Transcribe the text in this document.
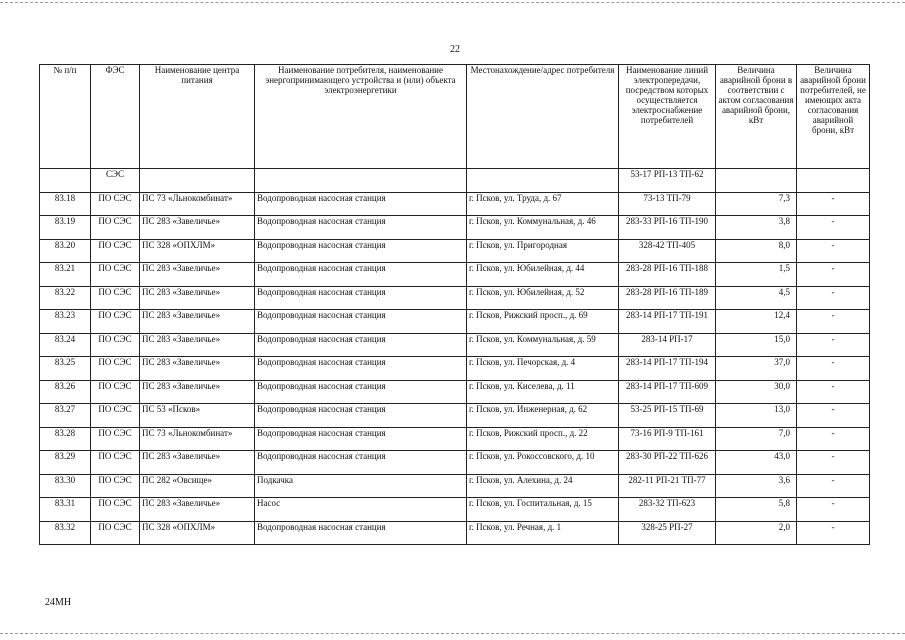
22
№ п/п	ФЭС	Наименование центра питания	Наименование потребителя, наименование энергопринимающего устройства и (или) объекта электроэнергетики	Местонахождение/адрес потребителя	Наименование линий электропередачи, посредством которых осуществляется электроснабжение потребителей	Величина аварийной брони в соответствии с актом согласования аварийной брони, кВт	Величина аварийной брони потребителей, не имеющих акта согласования аварийной брони, кВт
	СЭС				53-17 РП-13 ТП-62		
83.18	ПО СЭС	ПС 73 «Льнокомбинат»	Водопроводная насосная станция	г. Псков, ул. Труда, д. 67	73-13 ТП-79	7,3	-
83.19	ПО СЭС	ПС 283 «Завеличье»	Водопроводная насосная станция	г. Псков, ул. Коммунальная, д. 46	283-33 РП-16 ТП-190	3,8	-
83.20	ПО СЭС	ПС 328 «ОПХЛМ»	Водопроводная насосная станция	г. Псков, ул. Пригородная	328-42 ТП-405	8,0	-
83.21	ПО СЭС	ПС 283 «Завеличье»	Водопроводная насосная станция	г. Псков, ул. Юбилейная, д. 44	283-28 РП-16 ТП-188	1,5	-
83.22	ПО СЭС	ПС 283 «Завеличье»	Водопроводная насосная станция	г. Псков, ул. Юбилейная, д. 52	283-28 РП-16 ТП-189	4,5	-
83.23	ПО СЭС	ПС 283 «Завеличье»	Водопроводная насосная станция	г. Псков, Рижский просп., д. 69	283-14 РП-17 ТП-191	12,4	-
83.24	ПО СЭС	ПС 283 «Завеличье»	Водопроводная насосная станция	г. Псков, ул. Коммунальная, д. 59	283-14 РП-17	15,0	-
83.25	ПО СЭС	ПС 283 «Завеличье»	Водопроводная насосная станция	г. Псков, ул. Печорская, д. 4	283-14 РП-17 ТП-194	37,0	-
83.26	ПО СЭС	ПС 283 «Завеличье»	Водопроводная насосная станция	г. Псков, ул. Киселева, д. 11	283-14 РП-17 ТП-609	30,0	-
83.27	ПО СЭС	ПС 53 «Псков»	Водопроводная насосная станция	г. Псков, ул. Инженерная, д. 62	53-25 РП-15 ТП-69	13,0	-
83.28	ПО СЭС	ПС 73 «Льнокомбинат»	Водопроводная насосная станция	г. Псков, Рижский просп., д. 22	73-16 РП-9 ТП-161	7,0	-
83.29	ПО СЭС	ПС 283 «Завеличье»	Водопроводная насосная станция	г. Псков, ул. Рокоссовского, д. 10	283-30 РП-22 ТП-626	43,0	-
83.30	ПО СЭС	ПС 282 «Овсище»	Подкачка	г. Псков, ул. Алехина, д. 24	282-11 РП-21 ТП-77	3,6	-
83.31	ПО СЭС	ПС 283 «Завеличье»	Насос	г. Псков, ул. Госпитальная, д. 15	283-32 ТП-623	5,8	-
83.32	ПО СЭС	ПС 328 «ОПХЛМ»	Водопроводная насосная станция	г. Псков, ул. Речная, д. 1	328-25 РП-27	2,0	-
24МН
